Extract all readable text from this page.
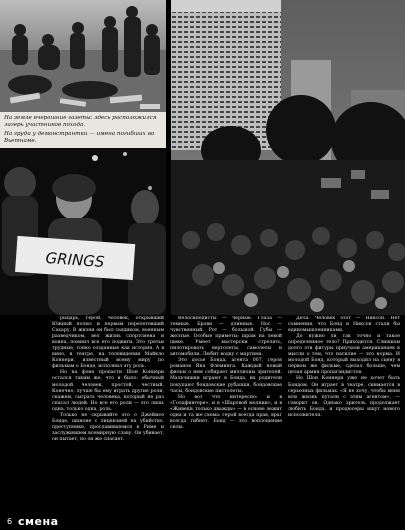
На земле вчерашние газеты: здесь расположился лагерь участников похода.
На груди у демонстрантки — имена погибших во Вьетнаме.
GRINGS

рыцарь, герой, человек, открывший Южный полюс и первым перелетевший Сахару. В жизни он был сыщиком, военным разведчиком, вел жизнь спортсмена и воина, помнил все его подвиги. Это третьи трудные, тонко созданные как история. А в кино, в театре, на телевидении Майкло Коннери, известный всему миру по фильмам о Бонде, исполнил эту роль.

Но на фоне пропасти Шон Коннери остался таким же, что и было: обычный молодой человек, простой, честный. Конечно, лучше бы ему играть другие роли, скажем, сыграть человека, который не раз спасал людей. Но все его роли — это лишь одна, только одна, роль.

Только не скрывайте это о Джеймсе Бонде, шпионе с лицензией на убийство, преступнике, прославившемся в Риме и заслужившем всемирную славу. Он убивает, он пытает, но он же спасает.

Велосипедисты — черные. Глаза — темные. Брови — длинные. Нос — чувственный. Рот — большой. Губы — желтые. Особые приметы: шрам на левой щеке. Умеет мастерски стрелять, пилотировать вертолеты, самолеты и автомобили. Любит водку с мартини.

Это досье Бонда, агента 007, героя романов Яна Флеминга. Каждый новый фильм о нем собирает миллионы зрителей. Мальчишки играют в Бонда, их родители покупают бондовские рубашки, бондовские часы, бондовские пистолеты.

Но вот что интересно: и в «Голдфингере», и в «Шаровой молнии», и в «Живешь только дважды» — в основе лежит одна и та же схема: герой всегда прав, враг всегда гибнет. Бонд — это воплощение силы.

Дела. Человек этот — Никсон. Нет сомнения, что Бонд и Никсон стали бы единомышленниками.

До нужно ли так точно и такое определенное тело? Приходится. Слишком долго эти фигуры приучали американцев к мысли о том, что насилие — это норма. И молодой Бонд, который выходил на сцену в первом же фильме, сделал больше, чем целая армия пропагандистов.

Но Шон Коннери уже не хочет быть Бондом. Он играет в театре, снимается в серьезных фильмах. «Я не хочу, чтобы меня всю жизнь путали с этим агентом», — говорит он. Однако зритель продолжает любить Бонда, и продюсеры ищут нового исполнителя.

6 смена
